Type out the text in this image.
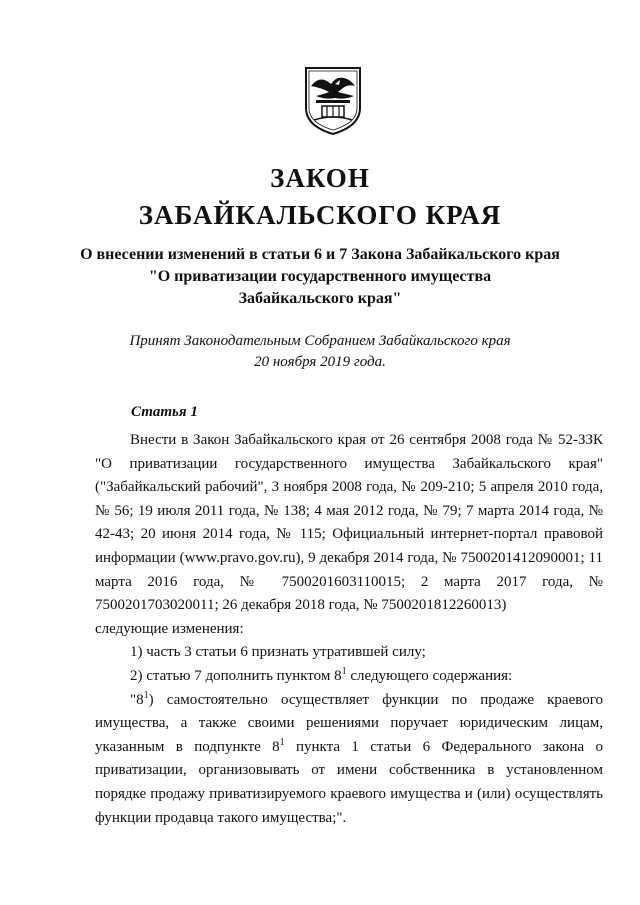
ЗАКОН
ЗАБАЙКАЛЬСКОГО КРАЯ
О внесении изменений в статьи 6 и 7 Закона Забайкальского края
"О приватизации государственного имущества
Забайкальского края"
Принят Законодательным Собранием Забайкальского края
20 ноября 2019 года.
Статья 1

Внести в Закон Забайкальского края от 26 сентября 2008 года № 52-ЗЗК "О приватизации государственного имущества Забайкальского края" ("Забайкальский рабочий", 3 ноября 2008 года, № 209-210; 5 апреля 2010 года, № 56; 19 июля 2011 года, № 138; 4 мая 2012 года, № 79; 7 марта 2014 года, № 42-43; 20 июня 2014 года, № 115; Официальный интернет-портал правовой информации (www.pravo.gov.ru), 9 декабря 2014 года, № 7500201412090001; 11 марта 2016 года, № 7500201603110015; 2 марта 2017 года, № 7500201703020011; 26 декабря 2018 года, № 7500201812260013)

следующие изменения:

1) часть 3 статьи 6 признать утратившей силу;

2) статью 7 дополнить пунктом $8^1$ следующего содержания:

"$8^1$) самостоятельно осуществляет функции по продаже краевого имущества, а также своими решениями поручает юридическим лицам, указанным в подпункте $8^1$ пункта 1 статьи 6 Федерального закона о приватизации, организовывать от имени собственника в установленном порядке продажу приватизируемого краевого имущества и (или) осуществлять функции продавца такого имущества;".
